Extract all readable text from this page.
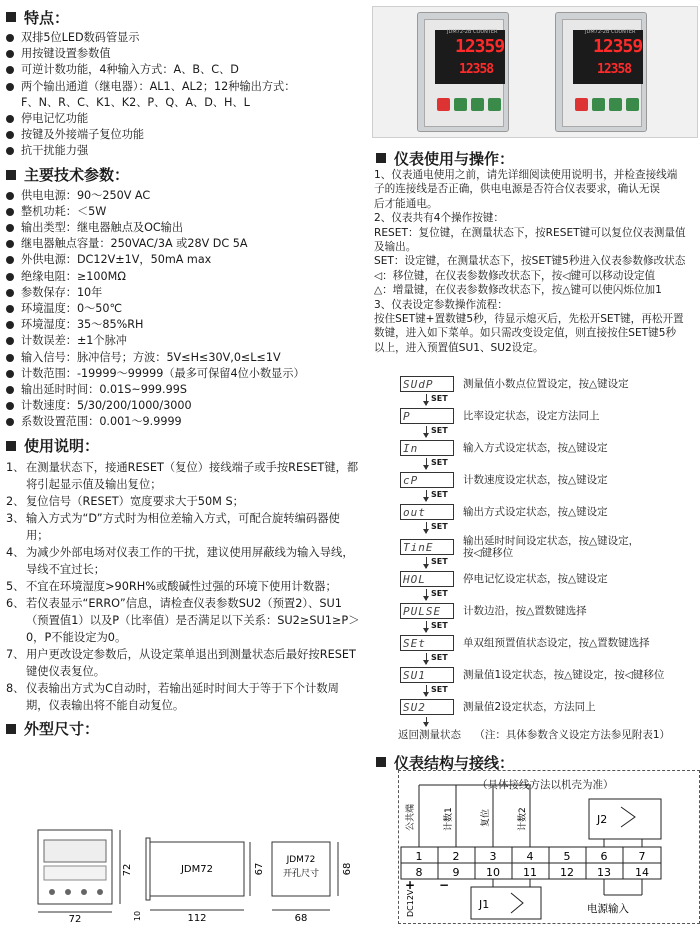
特点：
双排5位LED数码管显示
用按键设置参数值
可逆计数功能，4种输入方式：A、B、C、D
两个输出通道（继电器）：AL1、AL2；12种输出方式：
F、N、R、C、K1、K2、P、Q、A、D、H、L
停电记忆功能
按键及外接端子复位功能
抗干扰能力强
主要技术参数：
供电电源：90～250V AC
整机功耗：＜5W
输出类型：继电器触点及OC输出
继电器触点容量：250VAC/3A 或28V DC 5A
外供电源：DC12V±1V，50mA max
绝缘电阻：≥100MΩ
参数保存：10年
环境温度：0～50℃
环境湿度：35～85%RH
计数误差：±1个脉冲
输入信号：脉冲信号；方波：5V≤H≤30V,0≤L≤1V
计数范围：-19999～99999（最多可保留4位小数显示）
输出延时时间：0.01S~999.99S
计数速度：5/30/200/1000/3000
系数设置范围：0.001～9.9999
使用说明：
1、 在测量状态下，接通RESET（复位）接线端子或手按RESET键，都将引起显示值及输出复位；
2、 复位信号（RESET）宽度要求大于50M S；
3、 输入方式为“D”方式时为相位差输入方式，可配合旋转编码器使用；
4、 为减少外部电场对仪表工作的干扰，建议使用屏蔽线为输入导线，导线不宜过长；
5、 不宜在环境湿度>90RH%或酸碱性过强的环境下使用计数器；
6、 若仪表显示“ERRO”信息，请检查仪表参数SU2（预置2）、SU1（预置值1）以及P（比率值）是否满足以下关系：SU2≥SU1≥P＞0，P不能设定为0。
7、 用户更改设定参数后，从设定菜单退出到测量状态后最好按RESET键使仪表复位。
8、 仪表输出方式为C自动时，若输出延时时间大于等于下个计数周期，仪表输出将不能自动复位。
外型尺寸：
72
72	JDM72
112
10
67
JDM72
开孔尺寸
68
68
JDM72-2B COUNTER
12359
12358
JDM72-2B COUNTER
12359
12358
仪表使用与操作：

1、仪表通电使用之前，请先详细阅读使用说明书，并检查接线端

子的连接线是否正确，供电电源是否符合仪表要求，确认无误

后才能通电。

2、仪表共有4个操作按键：

RESET：复位键，在测量状态下，按RESET键可以复位仪表测量值

及输出。

SET：设定键，在测量状态下，按SET键5秒进入仪表参数修改状态

◁：移位键，在仪表参数修改状态下，按◁键可以移动设定值

△：增量键，在仪表参数修改状态下，按△键可以使闪烁位加1

3、仪表设定参数操作流程：

按住SET键+置数键5秒，待显示熄灭后，先松开SET键，再松开置

数键，进入如下菜单。如只需改变设定值，则直接按住SET键5秒

以上，进入预置值SU1、SU2设定。

SUdP	测量值小数点位置设定，按△键设定
SET
P	比率设定状态，设定方法同上
SET
In	输入方式设定状态，按△键设定
SET
cP	计数速度设定状态，按△键设定
SET
out	输出方式设定状态，按△键设定
SET
TinE	输出延时时间设定状态，按△键设定，
按◁键移位
SET
HOL	停电记忆设定状态，按△键设定
SET
PULSE	计数边沿，按△置数键选择
SET
SEt	单双组预置值状态设定，按△置数键选择
SET
SU1	测量值1设定状态，按△键设定，按◁键移位
SET
SU2	测量值2设定状态，方法同上
返回测量状态 （注：具体参数含义设定方法参见附表1）
仪表结构与接线：
（具体接线方法以机壳为准）
1	2	3	4	5	6	7
8	9 10 11 12 13 14
公共端	计数1	复位	计数2	J2
+
DC12V
−
J1	电源输入
